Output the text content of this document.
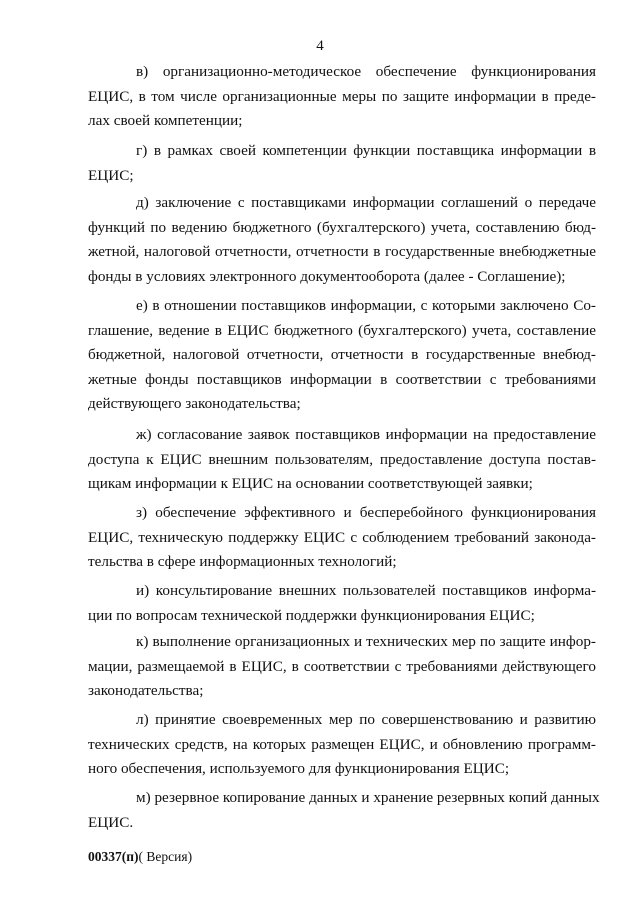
4
в) организационно-методическое обеспечение функционирования
ЕЦИС, в том числе организационные меры по защите информации в преде-
лах своей компетенции;
г) в рамках своей компетенции функции поставщика информации в
ЕЦИС;
д) заключение с поставщиками информации соглашений о передаче
функций по ведению бюджетного (бухгалтерского) учета, составлению бюд-
жетной, налоговой отчетности, отчетности в государственные внебюджетные
фонды в условиях электронного документооборота (далее - Соглашение);
е) в отношении поставщиков информации, с которыми заключено Со-
глашение, ведение в ЕЦИС бюджетного (бухгалтерского) учета, составление
бюджетной, налоговой отчетности, отчетности в государственные внебюд-
жетные фонды поставщиков информации в соответствии с требованиями
действующего законодательства;
ж) согласование заявок поставщиков информации на предоставление
доступа к ЕЦИС внешним пользователям, предоставление доступа постав-
щикам информации к ЕЦИС на основании соответствующей заявки;
з) обеспечение эффективного и бесперебойного функционирования
ЕЦИС, техническую поддержку ЕЦИС с соблюдением требований законода-
тельства в сфере информационных технологий;
и) консультирование внешних пользователей поставщиков информа-
ции по вопросам технической поддержки функционирования ЕЦИС;
к) выполнение организационных и технических мер по защите инфор-
мации, размещаемой в ЕЦИС, в соответствии с требованиями действующего
законодательства;
л) принятие своевременных мер по совершенствованию и развитию
технических средств, на которых размещен ЕЦИС, и обновлению программ-
ного обеспечения, используемого для функционирования ЕЦИС;
м) резервное копирование данных и хранение резервных копий данных
ЕЦИС.
00337(п)( Версия)
